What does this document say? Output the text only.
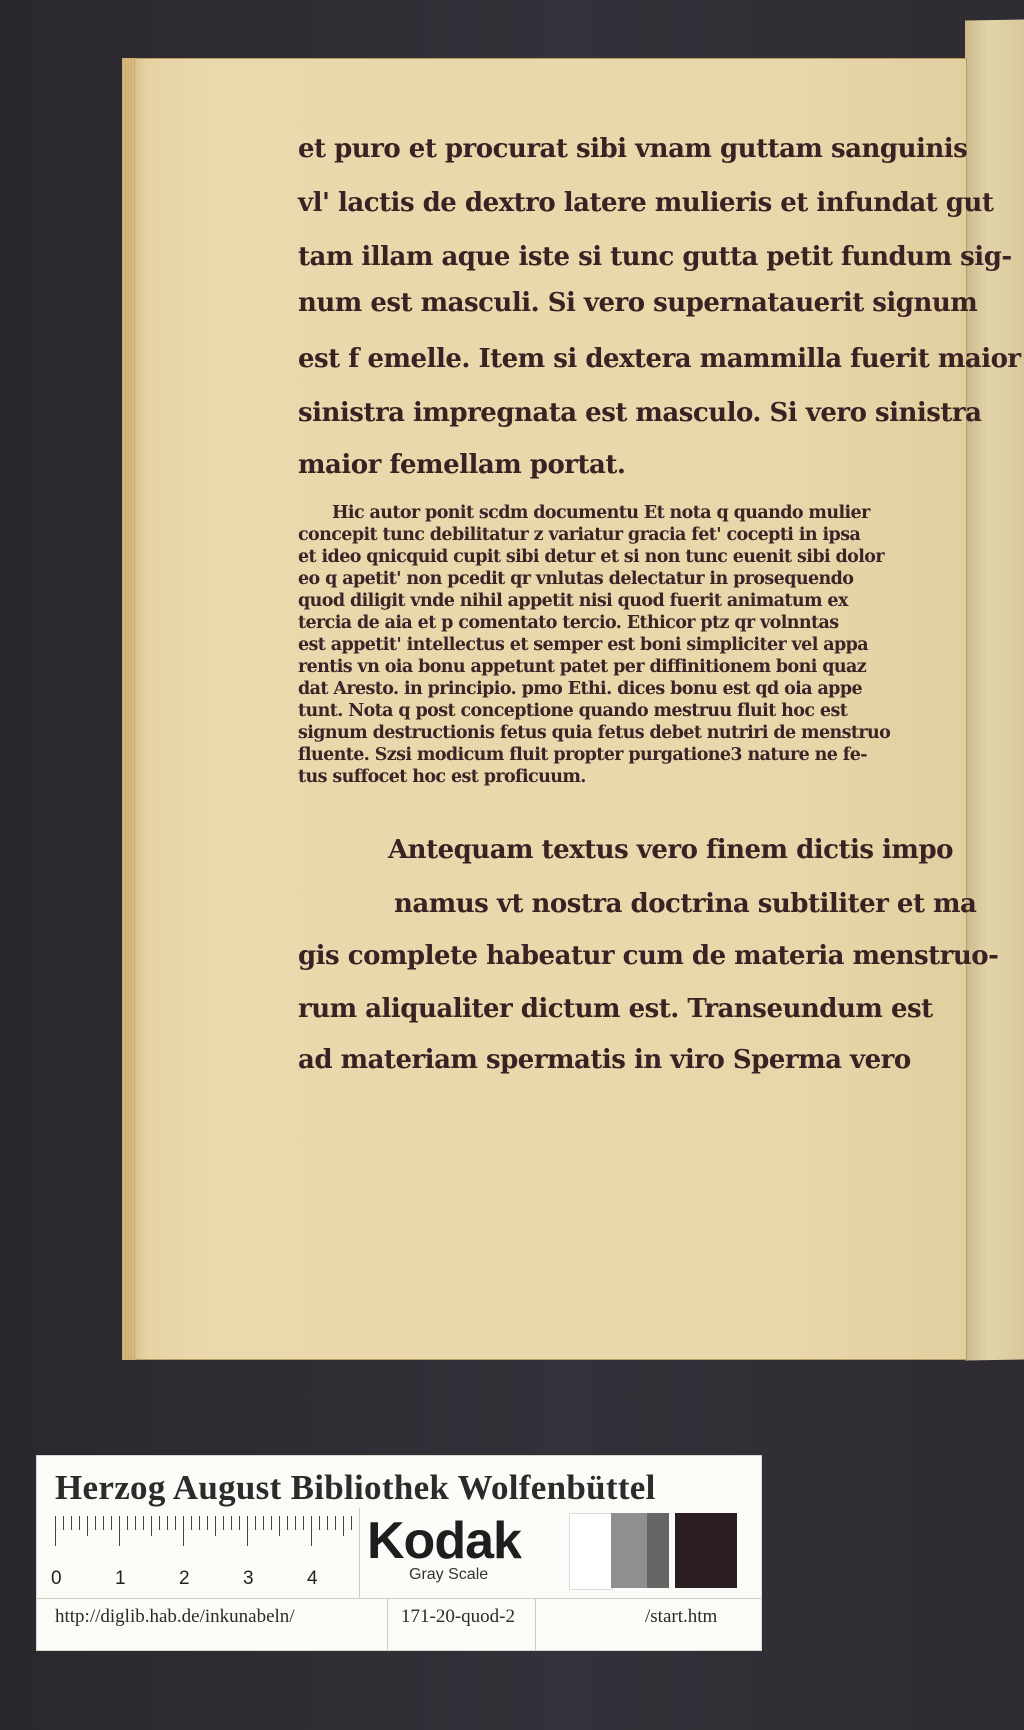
et puro et procurat sibi vnam guttam sanguinis
vl' lactis de dextro latere mulieris et infundat gut
tam illam aque iste si tunc gutta petit fundum sig-
num est masculi. Si vero supernatauerit signum
est f emelle. Item si dextera mammilla fuerit maior
sinistra impregnata est masculo. Si vero sinistra
maior femellam portat.
Hic autor ponit scdm documentu Et nota q quando mulier
concepit tunc debilitatur z variatur gracia fet' cocepti in ipsa
et ideo qnicquid cupit sibi detur et si non tunc euenit sibi dolor
eo q apetit' non pcedit qr vnlutas delectatur in prosequendo
quod diligit vnde nihil appetit nisi quod fuerit animatum ex
tercia de aia et p comentato tercio. Ethicor ptz qr volnntas
est appetit' intellectus et semper est boni simpliciter vel appa
rentis vn oia bonu appetunt patet per diffinitionem boni quaz
dat Aresto. in principio. pmo Ethi. dices bonu est qd oia appe
tunt. Nota q post conceptione quando mestruu fluit hoc est
signum destructionis fetus quia fetus debet nutriri de menstruo
fluente. Szsi modicum fluit propter purgatione3 nature ne fe-
tus suffocet hoc est proficuum.
Antequam textus vero finem dictis impo
namus vt nostra doctrina subtiliter et ma
gis complete habeatur cum de materia menstruo-
rum aliqualiter dictum est. Transeundum est
ad materiam spermatis in viro Sperma vero
Herzog August Bibliothek Wolfenbüttel
0	1	2	3	4
Kodak
Gray Scale
http://diglib.hab.de/inkunabeln/	171-20-quod-2	/start.htm
